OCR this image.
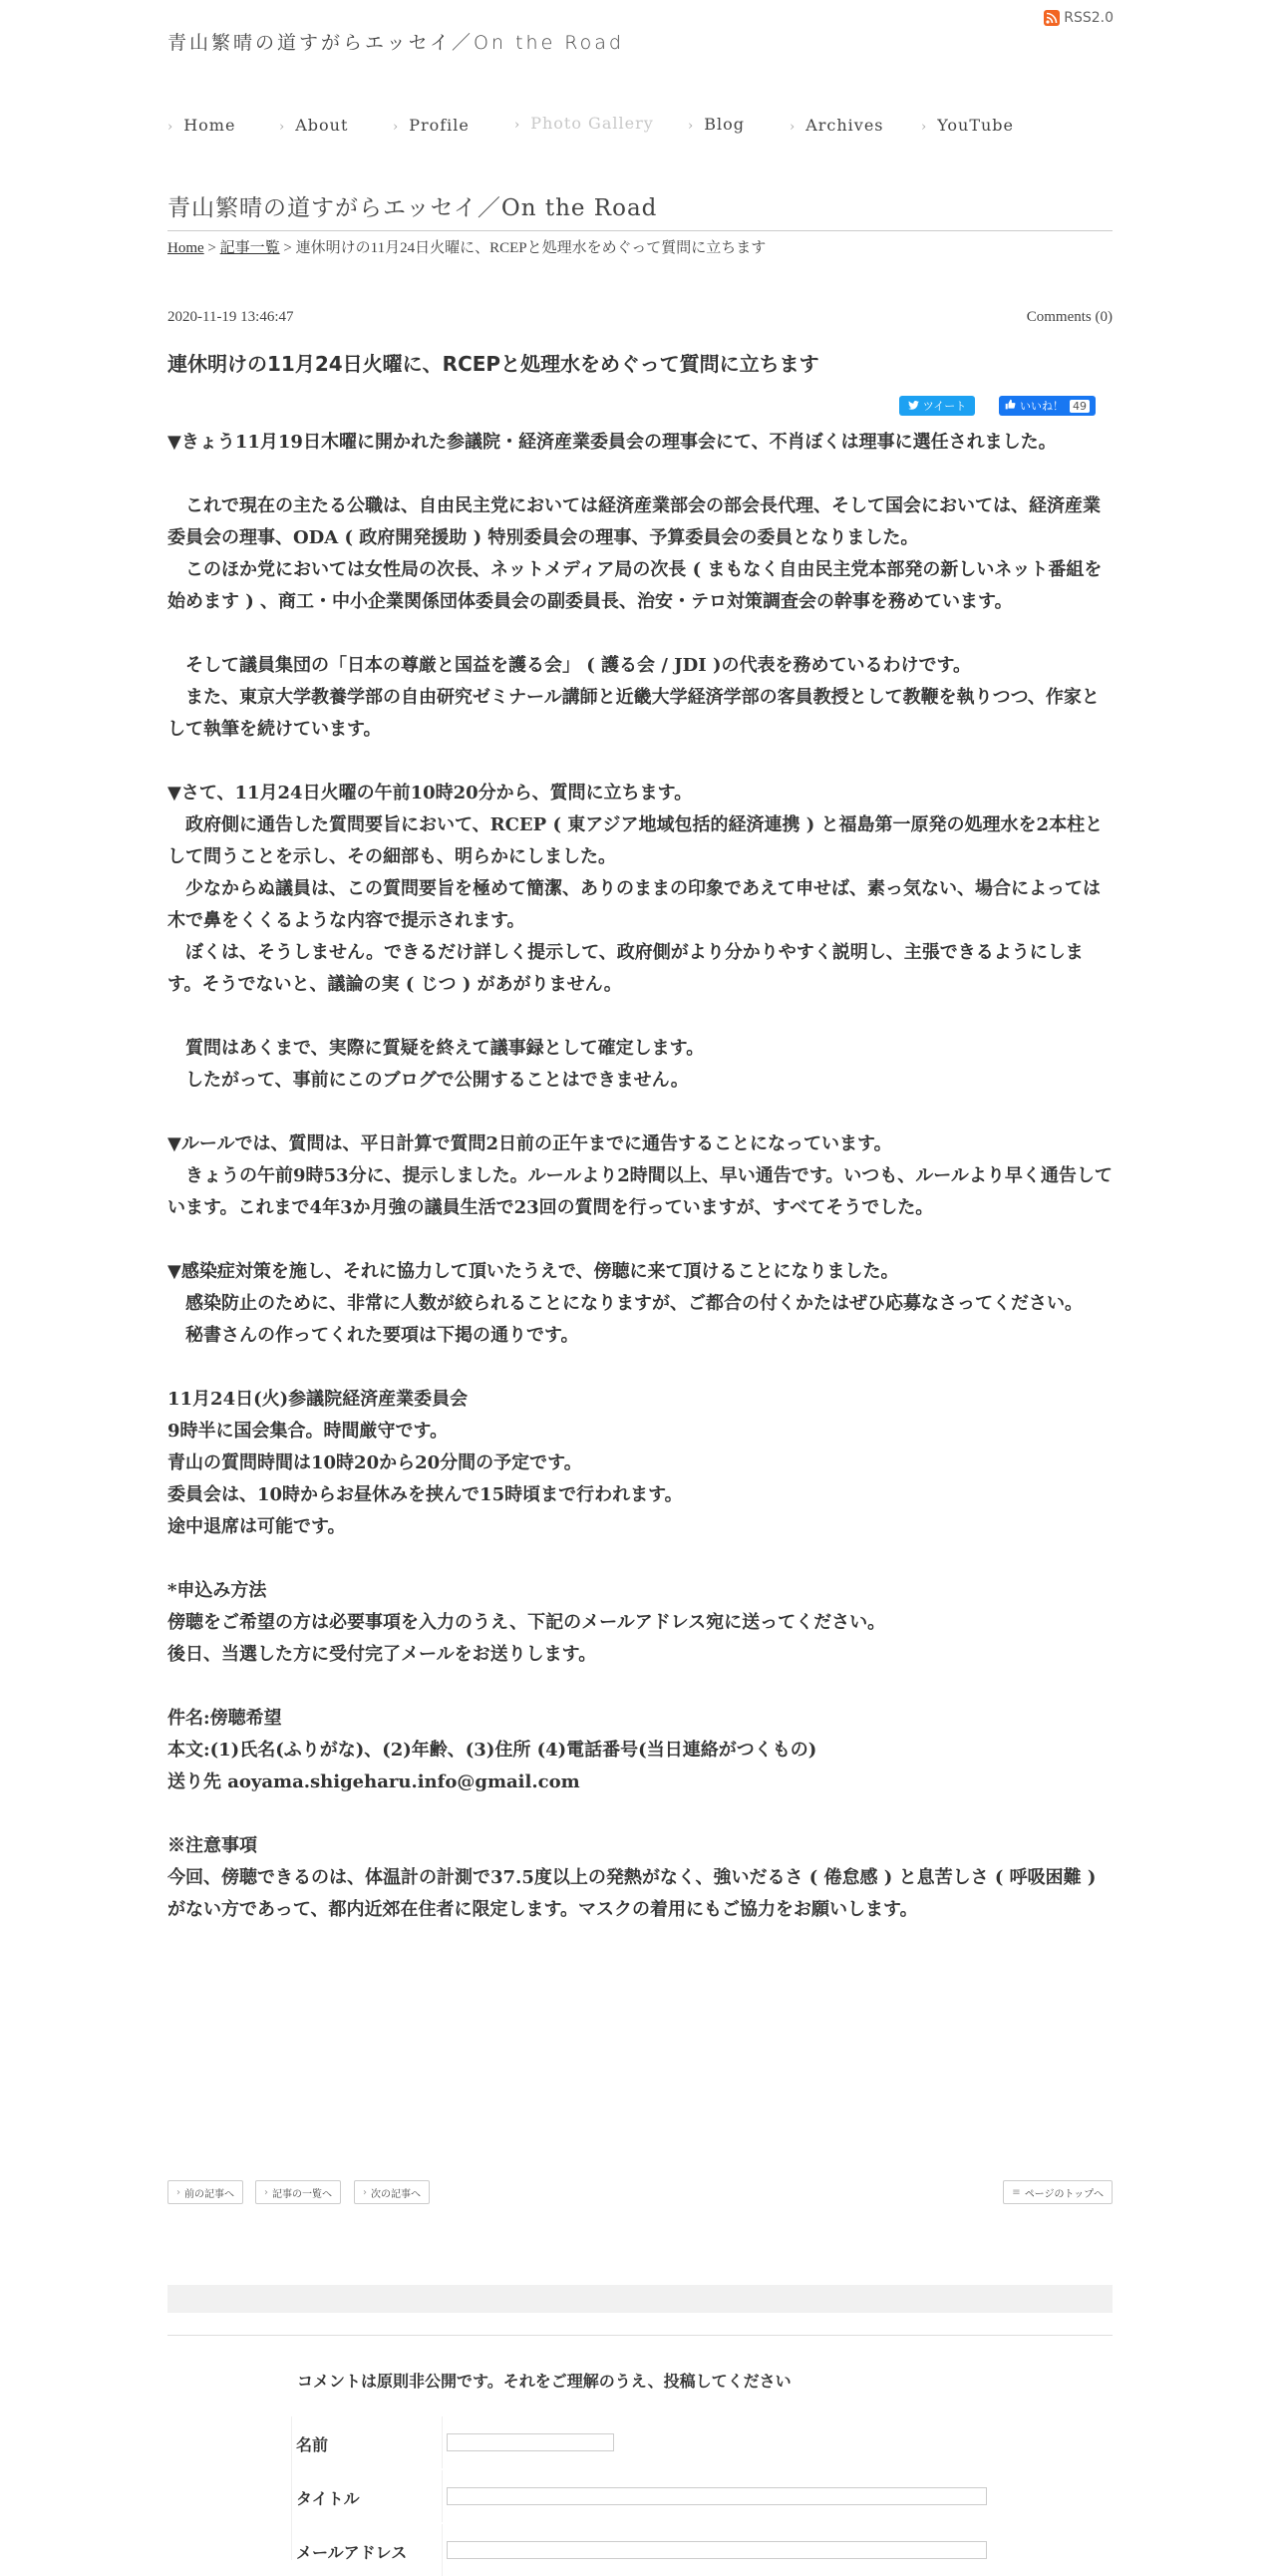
青山繁晴の道すがらエッセイ／On the Road
RSS2.0
› Home	› About	› Profile	› Photo Gallery	› Blog	› Archives	› YouTube
青山繁晴の道すがらエッセイ／On the Road
Home > 記事一覧 > 連休明けの11月24日火曜に、RCEPと処理水をめぐって質問に立ちます
2020-11-19 13:46:47	Comments (0)
連休明けの11月24日火曜に、RCEPと処理水をめぐって質問に立ちます
ツイート	いいね！ 49

▼きょう11月19日木曜に開かれた参議院・経済産業委員会の理事会にて、不肖ぼくは理事に選任されました。

　これで現在の主たる公職は、自由民主党においては経済産業部会の部会長代理、そして国会においては、経済産業委員会の理事、ODA ( 政府開発援助 ) 特別委員会の理事、予算委員会の委員となりました。

　このほか党においては女性局の次長、ネットメディア局の次長 ( まもなく自由民主党本部発の新しいネット番組を始めます ) 、商工・中小企業関係団体委員会の副委員長、治安・テロ対策調査会の幹事を務めています。

　そして議員集団の「日本の尊厳と国益を護る会」 ( 護る会 / JDI )の代表を務めているわけです。

　また、東京大学教養学部の自由研究ゼミナール講師と近畿大学経済学部の客員教授として教鞭を執りつつ、作家として執筆を続けています。

▼さて、11月24日火曜の午前10時20分から、質問に立ちます。

　政府側に通告した質問要旨において、RCEP ( 東アジア地域包括的経済連携 ) と福島第一原発の処理水を2本柱として問うことを示し、その細部も、明らかにしました。

　少なからぬ議員は、この質問要旨を極めて簡潔、ありのままの印象であえて申せば、素っ気ない、場合によっては木で鼻をくくるような内容で提示されます。

　ぼくは、そうしません。できるだけ詳しく提示して、政府側がより分かりやすく説明し、主張できるようにします。そうでないと、議論の実 ( じつ ) があがりません。

　質問はあくまで、実際に質疑を終えて議事録として確定します。

　したがって、事前にこのブログで公開することはできません。

▼ルールでは、質問は、平日計算で質問2日前の正午までに通告することになっています。

　きょうの午前9時53分に、提示しました。ルールより2時間以上、早い通告です。いつも、ルールより早く通告しています。これまで4年3か月強の議員生活で23回の質問を行っていますが、すべてそうでした。

▼感染症対策を施し、それに協力して頂いたうえで、傍聴に来て頂けることになりました。

　感染防止のために、非常に人数が絞られることになりますが、ご都合の付くかたはぜひ応募なさってください。

　秘書さんの作ってくれた要項は下掲の通りです。

11月24日(火)参議院経済産業委員会

9時半に国会集合。時間厳守です。

青山の質問時間は10時20から20分間の予定です。

委員会は、10時からお昼休みを挟んで15時頃まで行われます。

途中退席は可能です。

*申込み方法

傍聴をご希望の方は必要事項を入力のうえ、下記のメールアドレス宛に送ってください。

後日、当選した方に受付完了メールをお送りします。

件名:傍聴希望

本文:(1)氏名(ふりがな)、(2)年齢、(3)住所 (4)電話番号(当日連絡がつくもの)

送り先 aoyama.shigeharu.info@gmail.com

※注意事項

今回、傍聴できるのは、体温計の計測で37.5度以上の発熱がなく、強いだるさ ( 倦怠感 ) と息苦しさ ( 呼吸困難 ) がない方であって、都内近郊在住者に限定します。マスクの着用にもご協力をお願いします。

› 前の記事へ	› 記事の一覧へ	› 次の記事へ	≡ ページのトップへ
コメントは原則非公開です。それをご理解のうえ、投稿してください
名前
タイトル
メールアドレス
